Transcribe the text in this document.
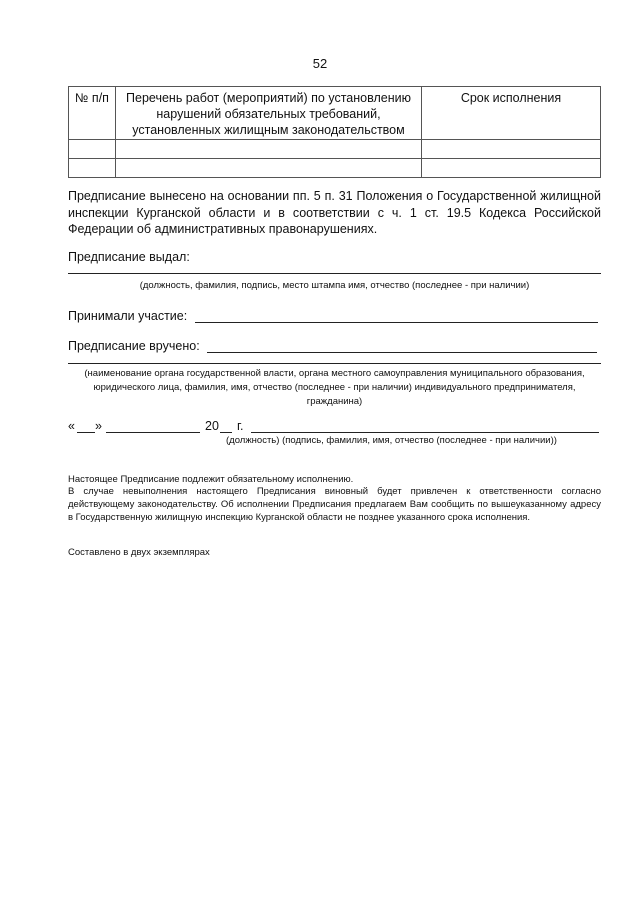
52
№ п/п	Перечень работ (мероприятий) по установлению нарушений обязательных требований, установленных жилищным законодательством	Срок исполнения

Предписание вынесено на основании пп. 5 п. 31 Положения о Государственной жилищной инспекции Курганской области и в соответствии с ч. 1 ст. 19.5 Кодекса Российской Федерации об административных правонарушениях.
Предписание выдал:
(должность, фамилия, подпись, место штампа имя, отчество (последнее - при наличии)
Принимали участие:
Предписание вручено:
(наименование органа государственной власти, органа местного самоуправления муниципального образования, юридического лица, фамилия, имя, отчество (последнее - при наличии) индивидуального предпринимателя, гражданина)
« »	20 г.
(должность) (подпись, фамилия, имя, отчество (последнее - при наличии))
Настоящее Предписание подлежит обязательному исполнению.
В случае невыполнения настоящего Предписания виновный будет привлечен к ответственности согласно действующему законодательству. Об исполнении Предписания предлагаем Вам сообщить по вышеуказанному адресу в Государственную жилищную инспекцию Курганской области не позднее указанного срока исполнения.
Составлено в двух экземплярах
